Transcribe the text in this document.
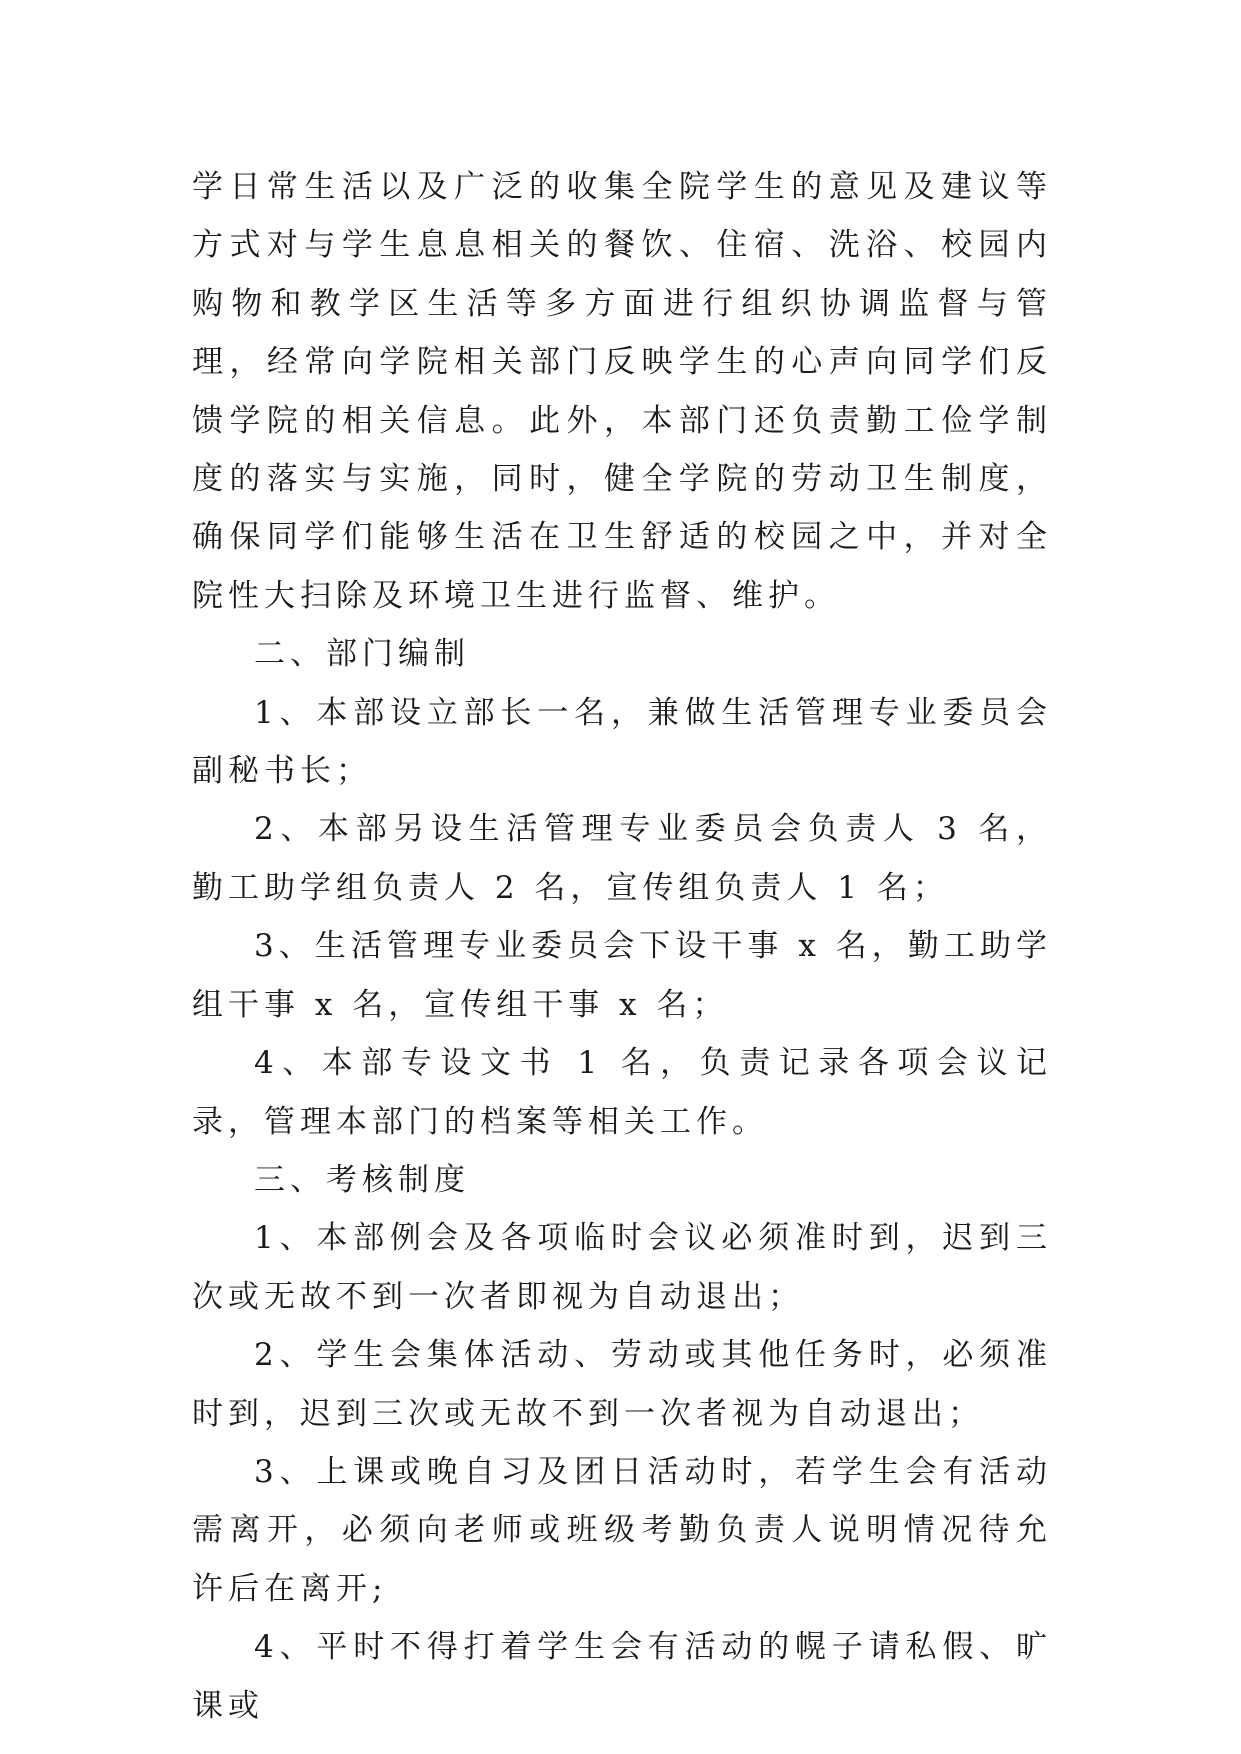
学日常生活以及广泛的收集全院学生的意见及建议等方式对与学生息息相关的餐饮、住宿、洗浴、校园内购物和教学区生活等多方面进行组织协调监督与管理，经常向学院相关部门反映学生的心声向同学们反馈学院的相关信息。此外，本部门还负责勤工俭学制度的落实与实施，同时，健全学院的劳动卫生制度，确保同学们能够生活在卫生舒适的校园之中，并对全院性大扫除及环境卫生进行监督、维护。

二、部门编制

1、本部设立部长一名，兼做生活管理专业委员会副秘书长；

2、本部另设生活管理专业委员会负责人 3 名，勤工助学组负责人 2 名，宣传组负责人 1 名；

3、生活管理专业委员会下设干事 x 名，勤工助学组干事 x 名，宣传组干事 x 名；

4、本部专设文书 1 名，负责记录各项会议记录，管理本部门的档案等相关工作。

三、考核制度

1、本部例会及各项临时会议必须准时到，迟到三次或无故不到一次者即视为自动退出；

2、学生会集体活动、劳动或其他任务时，必须准时到，迟到三次或无故不到一次者视为自动退出；

3、上课或晚自习及团日活动时，若学生会有活动需离开，必须向老师或班级考勤负责人说明情况待允许后在离开;

4、平时不得打着学生会有活动的幌子请私假、旷课或
